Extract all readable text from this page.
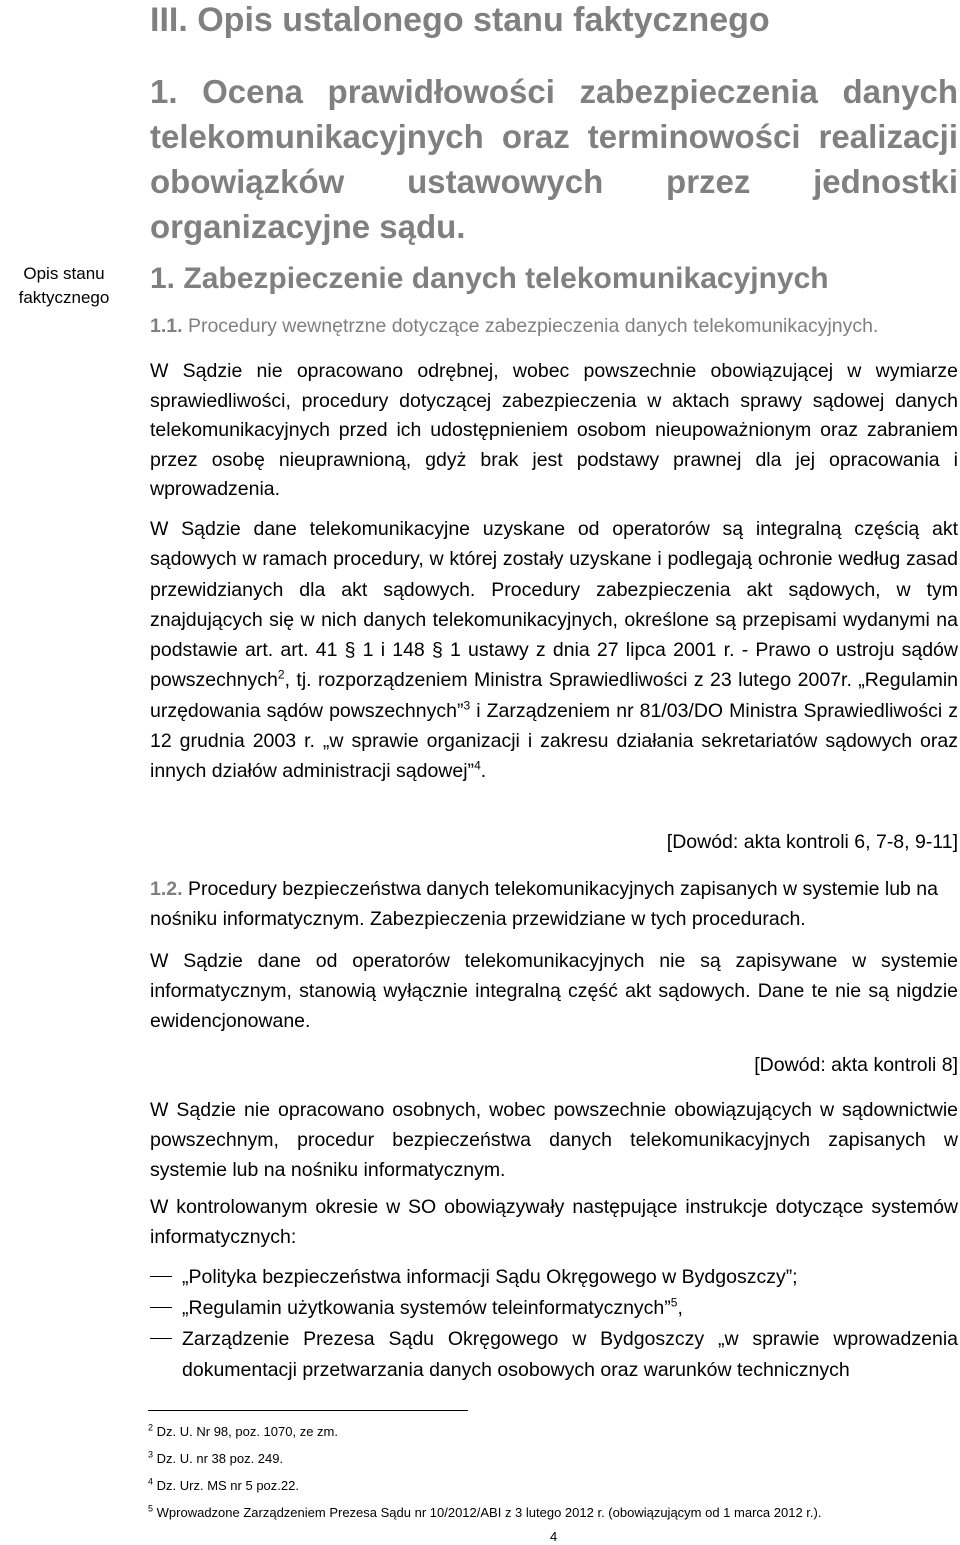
Opis stanu faktycznego
III. Opis ustalonego stanu faktycznego
1. Ocena prawidłowości zabezpieczenia danych telekomunikacyjnych oraz terminowości realizacji obowiązków ustawowych przez jednostki organizacyjne sądu.
1. Zabezpieczenie danych telekomunikacyjnych
1.1. Procedury wewnętrzne dotyczące zabezpieczenia danych telekomunikacyjnych.
W Sądzie nie opracowano odrębnej, wobec powszechnie obowiązującej w wymiarze sprawiedliwości, procedury dotyczącej zabezpieczenia w aktach sprawy sądowej danych telekomunikacyjnych przed ich udostępnieniem osobom nieupoważnionym oraz zabraniem przez osobę nieuprawnioną, gdyż brak jest podstawy prawnej dla jej opracowania i wprowadzenia.
W Sądzie dane telekomunikacyjne uzyskane od operatorów są integralną częścią akt sądowych w ramach procedury, w której zostały uzyskane i podlegają ochronie według zasad przewidzianych dla akt sądowych. Procedury zabezpieczenia akt sądowych, w tym znajdujących się w nich danych telekomunikacyjnych, określone są przepisami wydanymi na podstawie art. art. 41 § 1 i 148 § 1 ustawy z dnia 27 lipca 2001 r. - Prawo o ustroju sądów powszechnych$^2$, tj. rozporządzeniem Ministra Sprawiedliwości z 23 lutego 2007r. „Regulamin urzędowania sądów powszechnych”$^3$ i Zarządzeniem nr 81/03/DO Ministra Sprawiedliwości z 12 grudnia 2003 r. „w sprawie organizacji i zakresu działania sekretariatów sądowych oraz innych działów administracji sądowej”$^4$.
[Dowód: akta kontroli 6, 7-8, 9-11]
1.2. Procedury bezpieczeństwa danych telekomunikacyjnych zapisanych w systemie lub na nośniku informatycznym. Zabezpieczenia przewidziane w tych procedurach.
W Sądzie dane od operatorów telekomunikacyjnych nie są zapisywane w systemie informatycznym, stanowią wyłącznie integralną część akt sądowych. Dane te nie są nigdzie ewidencjonowane.
[Dowód: akta kontroli 8]
W Sądzie nie opracowano osobnych, wobec powszechnie obowiązujących w sądownictwie powszechnym, procedur bezpieczeństwa danych telekomunikacyjnych zapisanych w systemie lub na nośniku informatycznym.
W kontrolowanym okresie w SO obowiązywały następujące instrukcje dotyczące systemów informatycznych:
„Polityka bezpieczeństwa informacji Sądu Okręgowego w Bydgoszczy”;
„Regulamin użytkowania systemów teleinformatycznych”$^5$,
Zarządzenie Prezesa Sądu Okręgowego w Bydgoszczy „w sprawie wprowadzenia dokumentacji przetwarzania danych osobowych oraz warunków technicznych
$^2$ Dz. U. Nr 98, poz. 1070, ze zm.
$^3$ Dz. U. nr 38 poz. 249.
$^4$ Dz. Urz. MS nr 5 poz.22.
$^5$ Wprowadzone Zarządzeniem Prezesa Sądu nr 10/2012/ABI z 3 lutego 2012 r. (obowiązującym od 1 marca 2012 r.).
4
